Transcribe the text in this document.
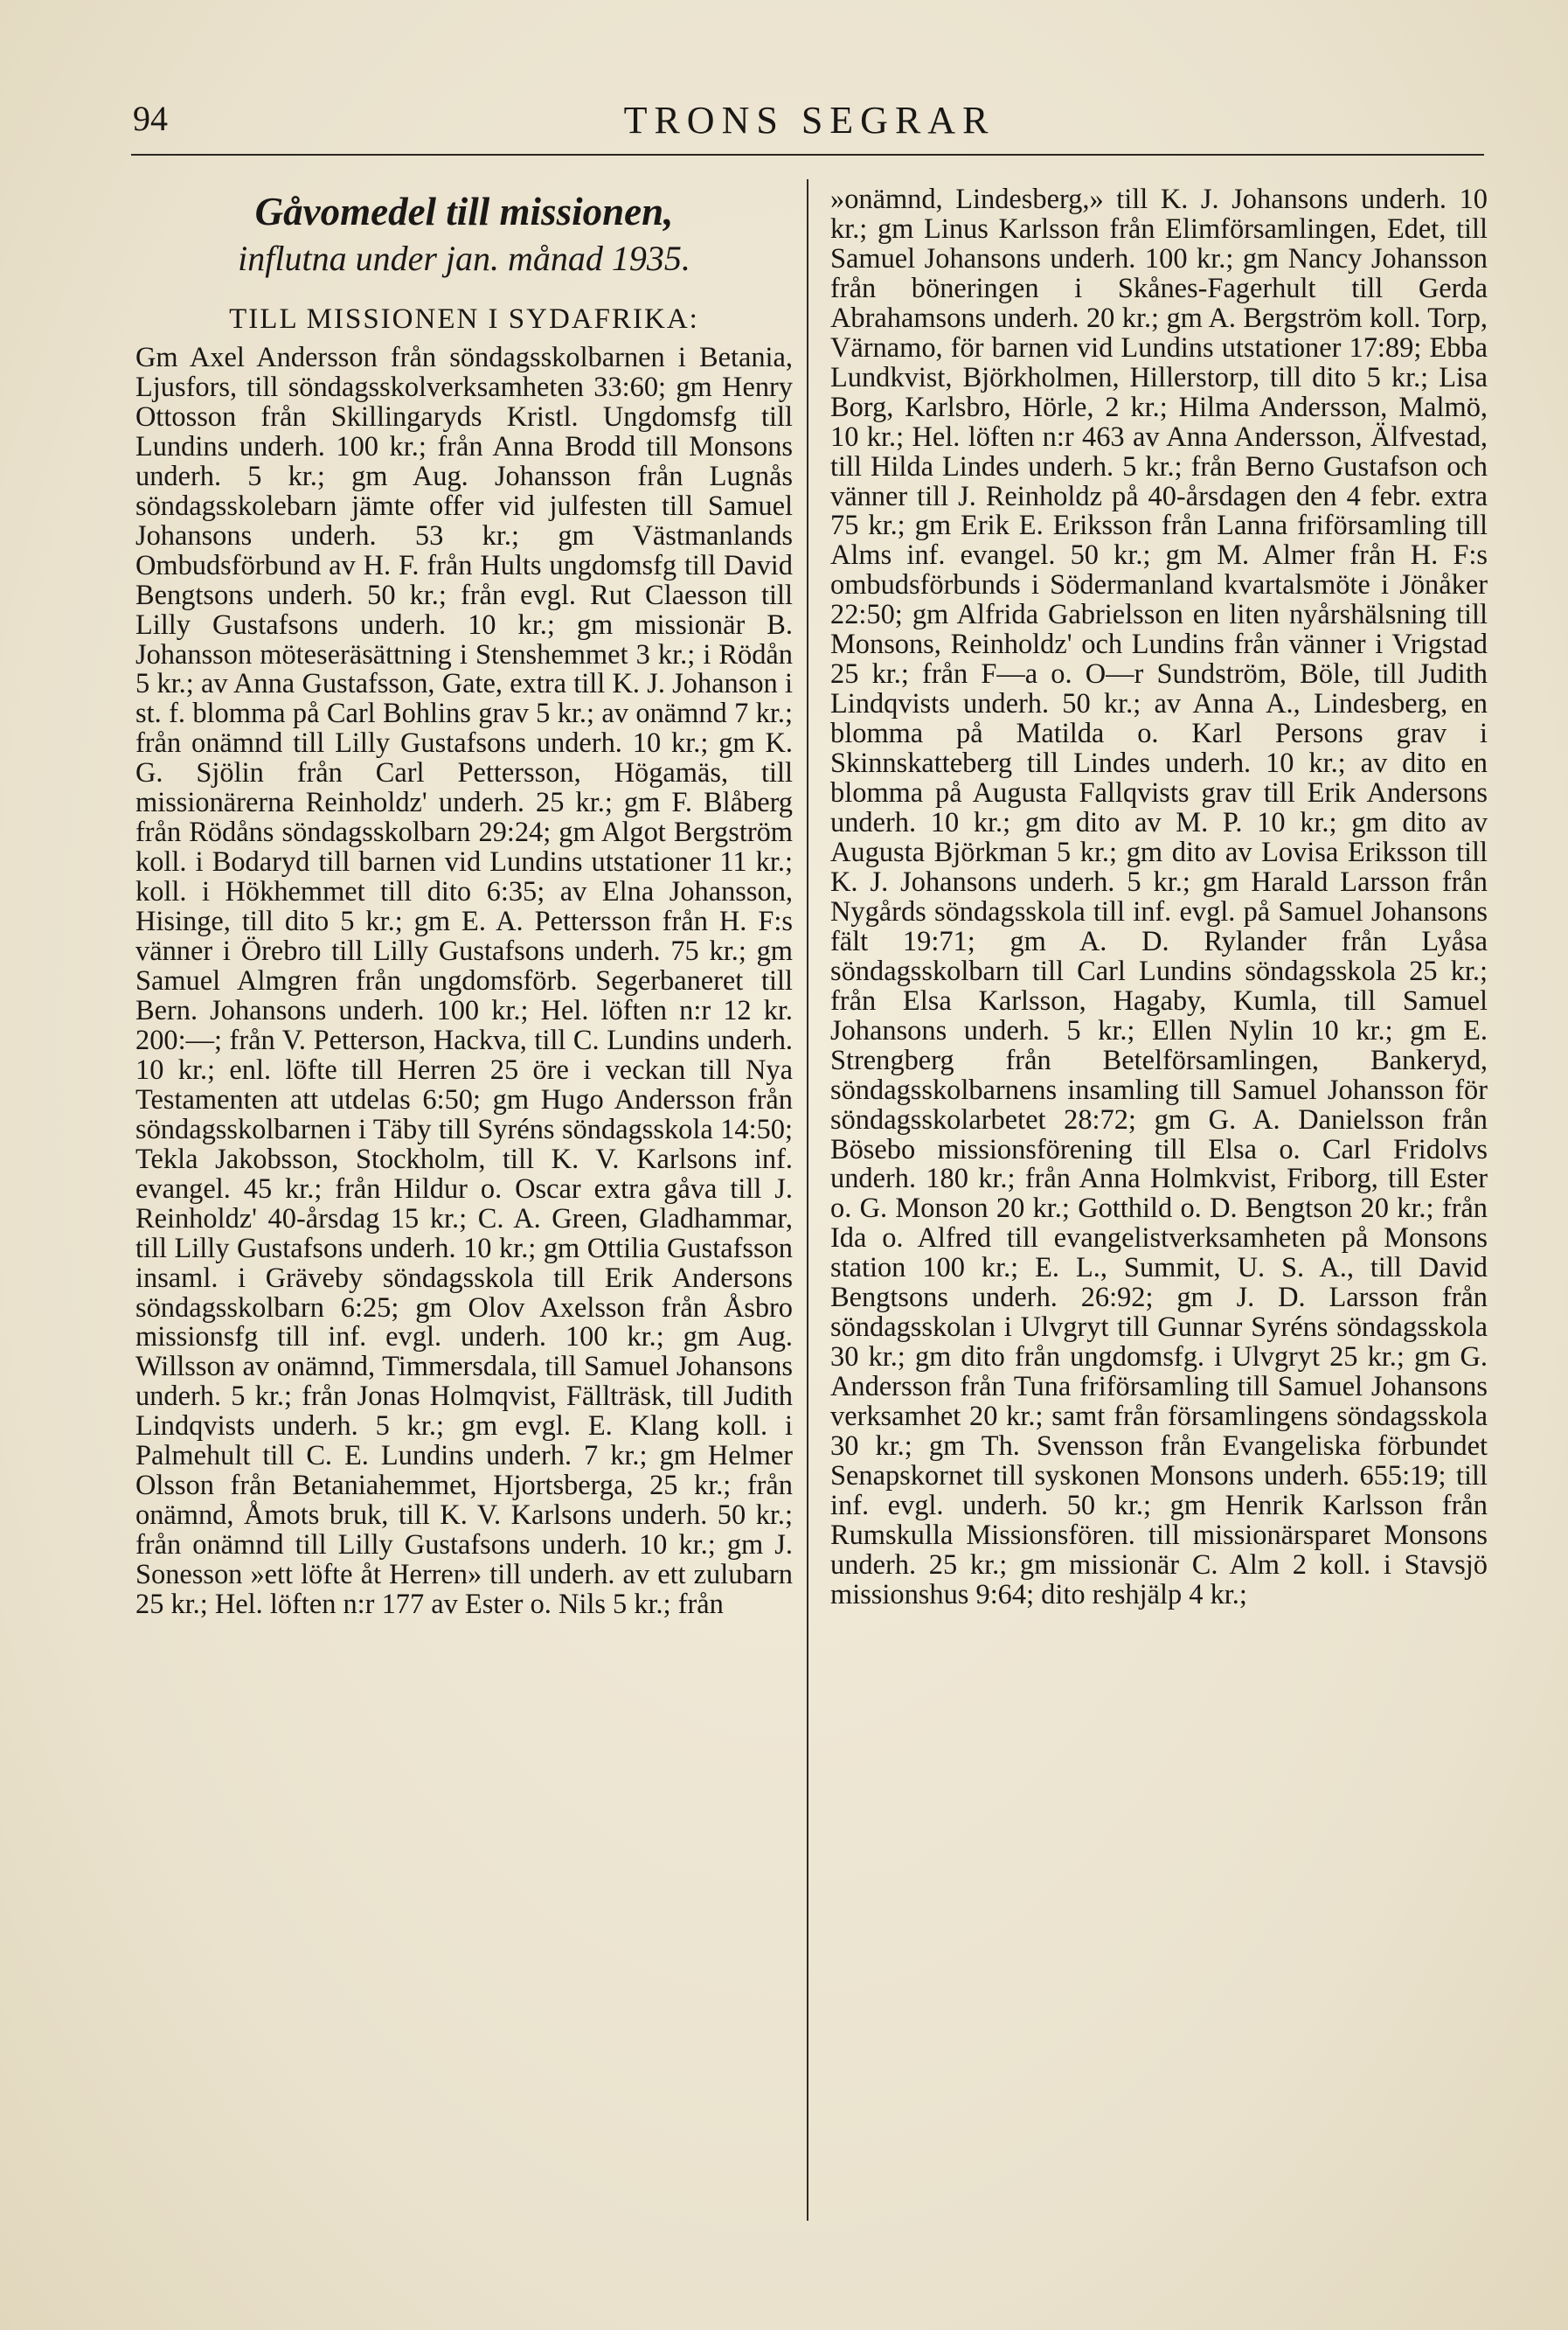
94	TRONS SEGRAR
Gåvomedel till missionen,
influtna under jan. månad 1935.
TILL MISSIONEN I SYDAFRIKA:
Gm Axel Andersson från söndagsskolbarnen i Betania, Ljusfors, till söndagsskolverksamheten 33:60; gm Henry Ottosson från Skillingaryds Kristl. Ungdomsfg till Lundins underh. 100 kr.; från Anna Brodd till Monsons underh. 5 kr.; gm Aug. Johansson från Lugnås söndagsskolebarn jämte offer vid julfesten till Samuel Johansons underh. 53 kr.; gm Västmanlands Ombudsförbund av H. F. från Hults ungdomsfg till David Bengtsons underh. 50 kr.; från evgl. Rut Claesson till Lilly Gustafsons underh. 10 kr.; gm missionär B. Johansson möteseräsättning i Stenshemmet 3 kr.; i Rödån 5 kr.; av Anna Gustafsson, Gate, extra till K. J. Johanson i st. f. blomma på Carl Bohlins grav 5 kr.; av onämnd 7 kr.; från onämnd till Lilly Gustafsons underh. 10 kr.; gm K. G. Sjölin från Carl Pettersson, Högamäs, till missionärerna Reinholdz' underh. 25 kr.; gm F. Blåberg från Rödåns söndagsskolbarn 29:24; gm Algot Bergström koll. i Bodaryd till barnen vid Lundins utstationer 11 kr.; koll. i Hökhemmet till dito 6:35; av Elna Johansson, Hisinge, till dito 5 kr.; gm E. A. Pettersson från H. F:s vänner i Örebro till Lilly Gustafsons underh. 75 kr.; gm Samuel Almgren från ungdomsförb. Segerbaneret till Bern. Johansons underh. 100 kr.; Hel. löften n:r 12 kr. 200:—; från V. Petterson, Hackva, till C. Lundins underh. 10 kr.; enl. löfte till Herren 25 öre i veckan till Nya Testamenten att utdelas 6:50; gm Hugo Andersson från söndagsskolbarnen i Täby till Syréns söndagsskola 14:50; Tekla Jakobsson, Stockholm, till K. V. Karlsons inf. evangel. 45 kr.; från Hildur o. Oscar extra gåva till J. Reinholdz' 40-årsdag 15 kr.; C. A. Green, Gladhammar, till Lilly Gustafsons underh. 10 kr.; gm Ottilia Gustafsson insaml. i Gräveby söndagsskola till Erik Andersons söndagsskolbarn 6:25; gm Olov Axelsson från Åsbro missionsfg till inf. evgl. underh. 100 kr.; gm Aug. Willsson av onämnd, Timmersdala, till Samuel Johansons underh. 5 kr.; från Jonas Holmqvist, Fällträsk, till Judith Lindqvists underh. 5 kr.; gm evgl. E. Klang koll. i Palmehult till C. E. Lundins underh. 7 kr.; gm Helmer Olsson från Betaniahemmet, Hjortsberga, 25 kr.; från onämnd, Åmots bruk, till K. V. Karlsons underh. 50 kr.; från onämnd till Lilly Gustafsons underh. 10 kr.; gm J. Sonesson »ett löfte åt Herren» till underh. av ett zulubarn 25 kr.; Hel. löften n:r 177 av Ester o. Nils 5 kr.; från
»onämnd, Lindesberg,» till K. J. Johansons underh. 10 kr.; gm Linus Karlsson från Elimförsamlingen, Edet, till Samuel Johansons underh. 100 kr.; gm Nancy Johansson från böneringen i Skånes-Fagerhult till Gerda Abrahamsons underh. 20 kr.; gm A. Bergström koll. Torp, Värnamo, för barnen vid Lundins utstationer 17:89; Ebba Lundkvist, Björkholmen, Hillerstorp, till dito 5 kr.; Lisa Borg, Karlsbro, Hörle, 2 kr.; Hilma Andersson, Malmö, 10 kr.; Hel. löften n:r 463 av Anna Andersson, Älfvestad, till Hilda Lindes underh. 5 kr.; från Berno Gustafson och vänner till J. Reinholdz på 40-årsdagen den 4 febr. extra 75 kr.; gm Erik E. Eriksson från Lanna friförsamling till Alms inf. evangel. 50 kr.; gm M. Almer från H. F:s ombudsförbunds i Södermanland kvartalsmöte i Jönåker 22:50; gm Alfrida Gabrielsson en liten nyårshälsning till Monsons, Reinholdz' och Lundins från vänner i Vrigstad 25 kr.; från F—a o. O—r Sundström, Böle, till Judith Lindqvists underh. 50 kr.; av Anna A., Lindesberg, en blomma på Matilda o. Karl Persons grav i Skinnskatteberg till Lindes underh. 10 kr.; av dito en blomma på Augusta Fallqvists grav till Erik Andersons underh. 10 kr.; gm dito av M. P. 10 kr.; gm dito av Augusta Björkman 5 kr.; gm dito av Lovisa Eriksson till K. J. Johansons underh. 5 kr.; gm Harald Larsson från Nygårds söndagsskola till inf. evgl. på Samuel Johansons fält 19:71; gm A. D. Rylander från Lyåsa söndagsskolbarn till Carl Lundins söndagsskola 25 kr.; från Elsa Karlsson, Hagaby, Kumla, till Samuel Johansons underh. 5 kr.; Ellen Nylin 10 kr.; gm E. Strengberg från Betelförsamlingen, Bankeryd, söndagsskolbarnens insamling till Samuel Johansson för söndagsskolarbetet 28:72; gm G. A. Danielsson från Bösebo missionsförening till Elsa o. Carl Fridolvs underh. 180 kr.; från Anna Holmkvist, Friborg, till Ester o. G. Monson 20 kr.; Gotthild o. D. Bengtson 20 kr.; från Ida o. Alfred till evangelistverksamheten på Monsons station 100 kr.; E. L., Summit, U. S. A., till David Bengtsons underh. 26:92; gm J. D. Larsson från söndagsskolan i Ulvgryt till Gunnar Syréns söndagsskola 30 kr.; gm dito från ungdomsfg. i Ulvgryt 25 kr.; gm G. Andersson från Tuna friförsamling till Samuel Johansons verksamhet 20 kr.; samt från församlingens söndagsskola 30 kr.; gm Th. Svensson från Evangeliska förbundet Senapskornet till syskonen Monsons underh. 655:19; till inf. evgl. underh. 50 kr.; gm Henrik Karlsson från Rumskulla Missionsfören. till missionärsparet Monsons underh. 25 kr.; gm missionär C. Alm 2 koll. i Stavsjö missionshus 9:64; dito reshjälp 4 kr.;
